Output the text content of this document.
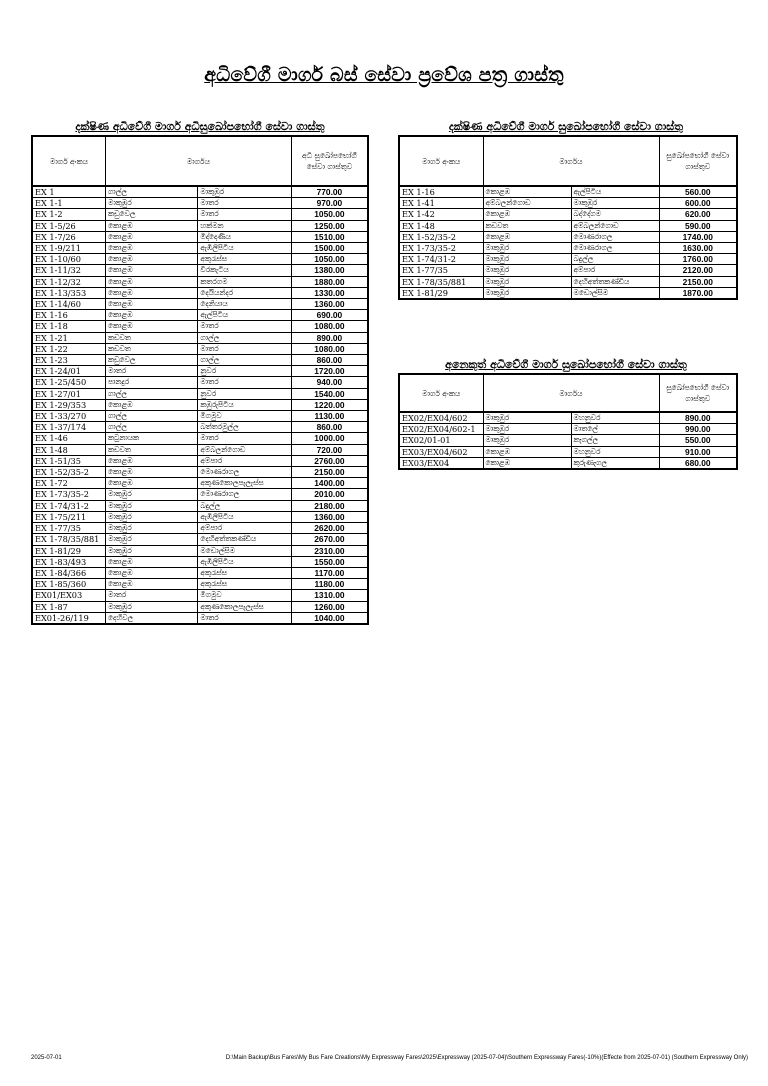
අධිවේගී මාර්ග බස් සේවා ප්‍රවේශ පත්‍ර ගාස්තු
දක්ෂිණ අධිවේගී මාර්ග අධිසුඛෝපභෝගී සේවා ගාස්තු
මාර්ග අංකය	මාර්ගය		අධි සුඛෝපභෝගී සේවා ගාස්තුව
EX 1	ගාල්ල	මාකුඹුර	770.00
EX 1-1	මාකුඹුර	මාතර	970.00
EX 1-2	කඩුවෙල	මාතර	1050.00
EX 1-5/26	කොළඹ	හක්මන	1250.00
EX 1-7/26	කොළඹ	මිද්දෙණිය	1510.00
EX 1-9/211	කොළඹ	ඇඹිලිපිටිය	1500.00
EX 1-10/60	කොළඹ	අකුරැස්ස	1050.00
EX 1-11/32	කොළඹ	වීරකැටිය	1380.00
EX 1-12/32	කොළඹ	කතරගම	1880.00
EX 1-13/353	කොළඹ	දෙයියන්දර	1330.00
EX 1-14/60	කොළඹ	දෙනියාය	1360.00
EX 1-16	කොළඹ	ඇල්පිටිය	690.00
EX 1-18	කොළඹ	මාතර	1080.00
EX 1-21	කඩවත	ගාල්ල	890.00
EX 1-22	කඩවත	මාතර	1080.00
EX 1-23	කඩුවෙල	ගාල්ල	860.00
EX 1-24/01	මාතර	නුවර	1720.00
EX 1-25/450	පානදුර	මාතර	940.00
EX 1-27/01	ගාල්ල	නුවර	1540.00
EX 1-29/353	කොළඹ	කඹුරුපිටිය	1220.00
EX 1-33/270	ගාල්ල	මීගමුව	1130.00
EX 1-37/174	ගාල්ල	බත්තරමුල්ල	860.00
EX 1-46	කටුනායක	මාතර	1000.00
EX 1-48	කඩවත	අම්බලන්ගොඩ	720.00
EX 1-51/35	කොළඹ	අම්පාර	2760.00
EX 1-52/35-2	කොළඹ	මොණරාගල	2150.00
EX 1-72	කොළඹ	අකුණකොලපැලැස්ස	1400.00
EX 1-73/35-2	මාකුඹුර	මොණරාගල	2010.00
EX 1-74/31-2	මාකුඹුර	බදුල්ල	2180.00
EX 1-75/211	මාකුඹුර	ඇඹිලිපිටිය	1360.00
EX 1-77/35	මාකුඹුර	අම්පාර	2620.00
EX 1-78/35/881	මාකුඹුර	දෙහිඅත්තකණ්ඩිය	2670.00
EX 1-81/29	මාකුඹුර	මඩොල්සිම	2310.00
EX 1-83/493	කොළඹ	ඇඹිලිපිටිය	1550.00
EX 1-84/366	කොළඹ	අකුරැස්ස	1170.00
EX 1-85/360	කොළඹ	අකුරැස්ස	1180.00
EX01/EX03	මාතර	මීගමුව	1310.00
EX 1-87	මාකුඹුර	අකුණකොලපැලැස්ස	1260.00
EX01-26/119	දෙහිවල	මාතර	1040.00
දක්ෂිණ අධිවේගී මාර්ග සුඛෝපභෝගී සේවා ගාස්තු
මාර්ග අංකය	මාර්ගය		සුඛෝපභෝගී සේවා ගාස්තුව
EX 1-16	කොළඹ	ඇල්පිටිය	560.00
EX 1-41	අම්බලන්ගොඩ	මාකුඹුර	600.00
EX 1-42	කොළඹ	බද්දේගම	620.00
EX 1-48	කඩවත	අම්බලන්ගොඩ	590.00
EX 1-52/35-2	කොළඹ	මොණරාගල	1740.00
EX 1-73/35-2	මාකුඹුර	මොණරාගල	1630.00
EX 1-74/31-2	මාකුඹුර	බදුල්ල	1760.00
EX 1-77/35	මාකුඹුර	අම්පාර	2120.00
EX 1-78/35/881	මාකුඹුර	දෙහිඅත්තකණ්ඩිය	2150.00
EX 1-81/29	මාකුඹුර	මඩොල්සිම	1870.00
අනෙකුත් අධිවේගී මාර්ග සුඛෝපභෝගී සේවා ගාස්තු
මාර්ග අංකය	මාර්ගය		සුඛෝපභෝගී සේවා ගාස්තුව
EX02/EX04/602	මාකුඹුර	මහනුවර	890.00
EX02/EX04/602-1	මාකුඹුර	මාතලේ	990.00
EX02/01-01	මාකුඹුර	කෑගල්ල	550.00
EX03/EX04/602	කොළඹ	මහනුවර	910.00
EX03/EX04	කොළඹ	කුරුණෑගල	680.00
2025-07-01	D:\Main Backup\Bus Fares\My Bus Fare Creations\My Expressway Fares\2025\Expressway (2025-07-04)\Southern Expressway Fares(-10%)(Effecte from 2025-07-01) (Southern Expressway Only)
